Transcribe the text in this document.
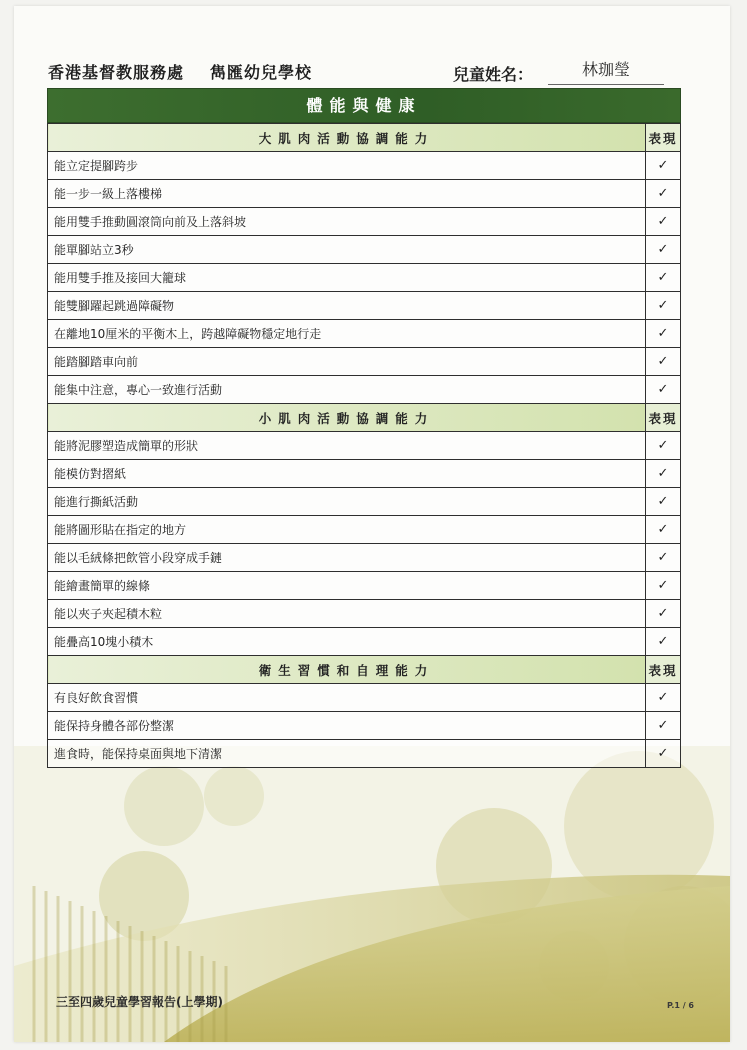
香港基督教服務處 雋匯幼兒學校	兒童姓名：	林珈瑩
體能與健康
大肌肉活動協調能力	表現
能立定提腳跨步	✓
能一步一級上落樓梯	✓
能用雙手推動圓滾筒向前及上落斜坡	✓
能單腳站立3秒	✓
能用雙手推及接回大籠球	✓
能雙腳躍起跳過障礙物	✓
在離地10厘米的平衡木上，跨越障礙物穩定地行走	✓
能踏腳踏車向前	✓
能集中注意，專心一致進行活動	✓
小肌肉活動協調能力	表現
能將泥膠塑造成簡單的形狀	✓
能模仿對摺紙	✓
能進行撕紙活動	✓
能將圖形貼在指定的地方	✓
能以毛絨條把飲管小段穿成手鏈	✓
能繪畫簡單的線條	✓
能以夾子夾起積木粒	✓
能疊高10塊小積木	✓
衛生習慣和自理能力	表現
有良好飲食習慣	✓
能保持身體各部份整潔	✓
進食時，能保持桌面與地下清潔	✓
三至四歲兒童學習報告(上學期)	P.1 / 6
